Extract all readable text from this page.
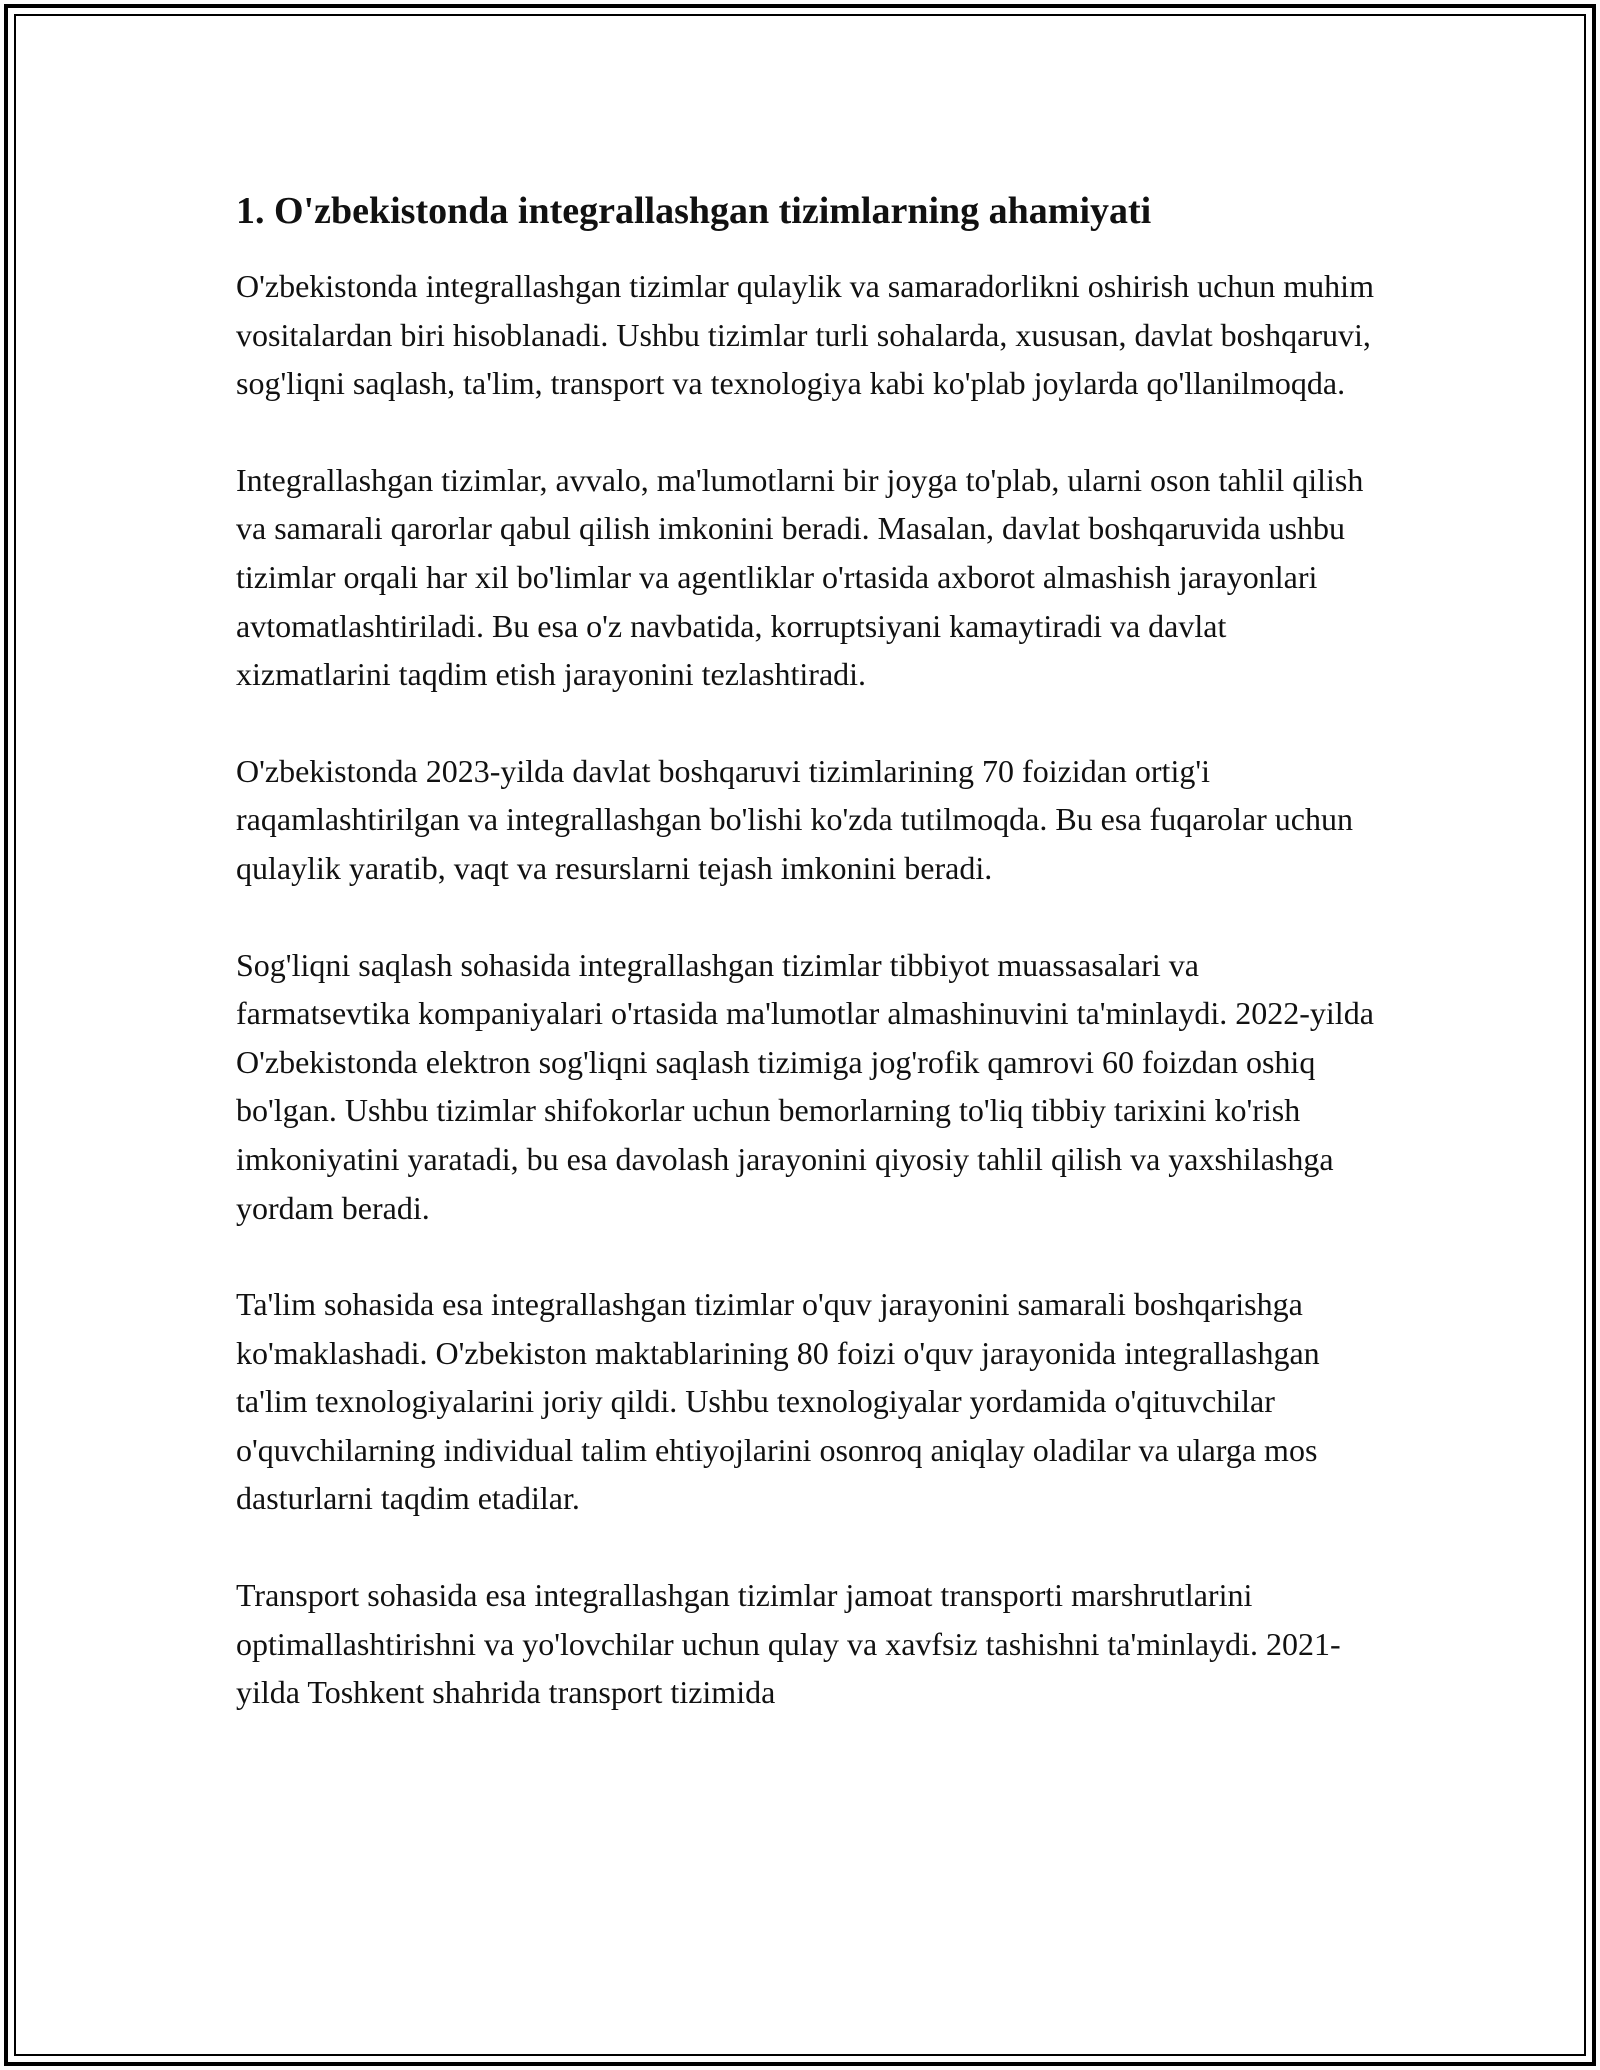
1. O'zbekistonda integrallashgan tizimlarning ahamiyati

O'zbekistonda integrallashgan tizimlar qulaylik va samaradorlikni oshirish uchun muhim vositalardan biri hisoblanadi. Ushbu tizimlar turli sohalarda, xususan, davlat boshqaruvi, sog'liqni saqlash, ta'lim, transport va texnologiya kabi ko'plab joylarda qo'llanilmoqda.

Integrallashgan tizimlar, avvalo, ma'lumotlarni bir joyga to'plab, ularni oson tahlil qilish va samarali qarorlar qabul qilish imkonini beradi. Masalan, davlat boshqaruvida ushbu tizimlar orqali har xil bo'limlar va agentliklar o'rtasida axborot almashish jarayonlari avtomatlashtiriladi. Bu esa o'z navbatida, korruptsiyani kamaytiradi va davlat xizmatlarini taqdim etish jarayonini tezlashtiradi.

O'zbekistonda 2023-yilda davlat boshqaruvi tizimlarining 70 foizidan ortig'i raqamlashtirilgan va integrallashgan bo'lishi ko'zda tutilmoqda. Bu esa fuqarolar uchun qulaylik yaratib, vaqt va resurslarni tejash imkonini beradi.

Sog'liqni saqlash sohasida integrallashgan tizimlar tibbiyot muassasalari va farmatsevtika kompaniyalari o'rtasida ma'lumotlar almashinuvini ta'minlaydi. 2022-yilda O'zbekistonda elektron sog'liqni saqlash tizimiga jog'rofik qamrovi 60 foizdan oshiq bo'lgan. Ushbu tizimlar shifokorlar uchun bemorlarning to'liq tibbiy tarixini ko'rish imkoniyatini yaratadi, bu esa davolash jarayonini qiyosiy tahlil qilish va yaxshilashga yordam beradi.

Ta'lim sohasida esa integrallashgan tizimlar o'quv jarayonini samarali boshqarishga ko'maklashadi. O'zbekiston maktablarining 80 foizi o'quv jarayonida integrallashgan ta'lim texnologiyalarini joriy qildi. Ushbu texnologiyalar yordamida o'qituvchilar o'quvchilarning individual talim ehtiyojlarini osonroq aniqlay oladilar va ularga mos dasturlarni taqdim etadilar.

Transport sohasida esa integrallashgan tizimlar jamoat transporti marshrutlarini optimallashtirishni va yo'lovchilar uchun qulay va xavfsiz tashishni ta'minlaydi. 2021-yilda Toshkent shahrida transport tizimida
